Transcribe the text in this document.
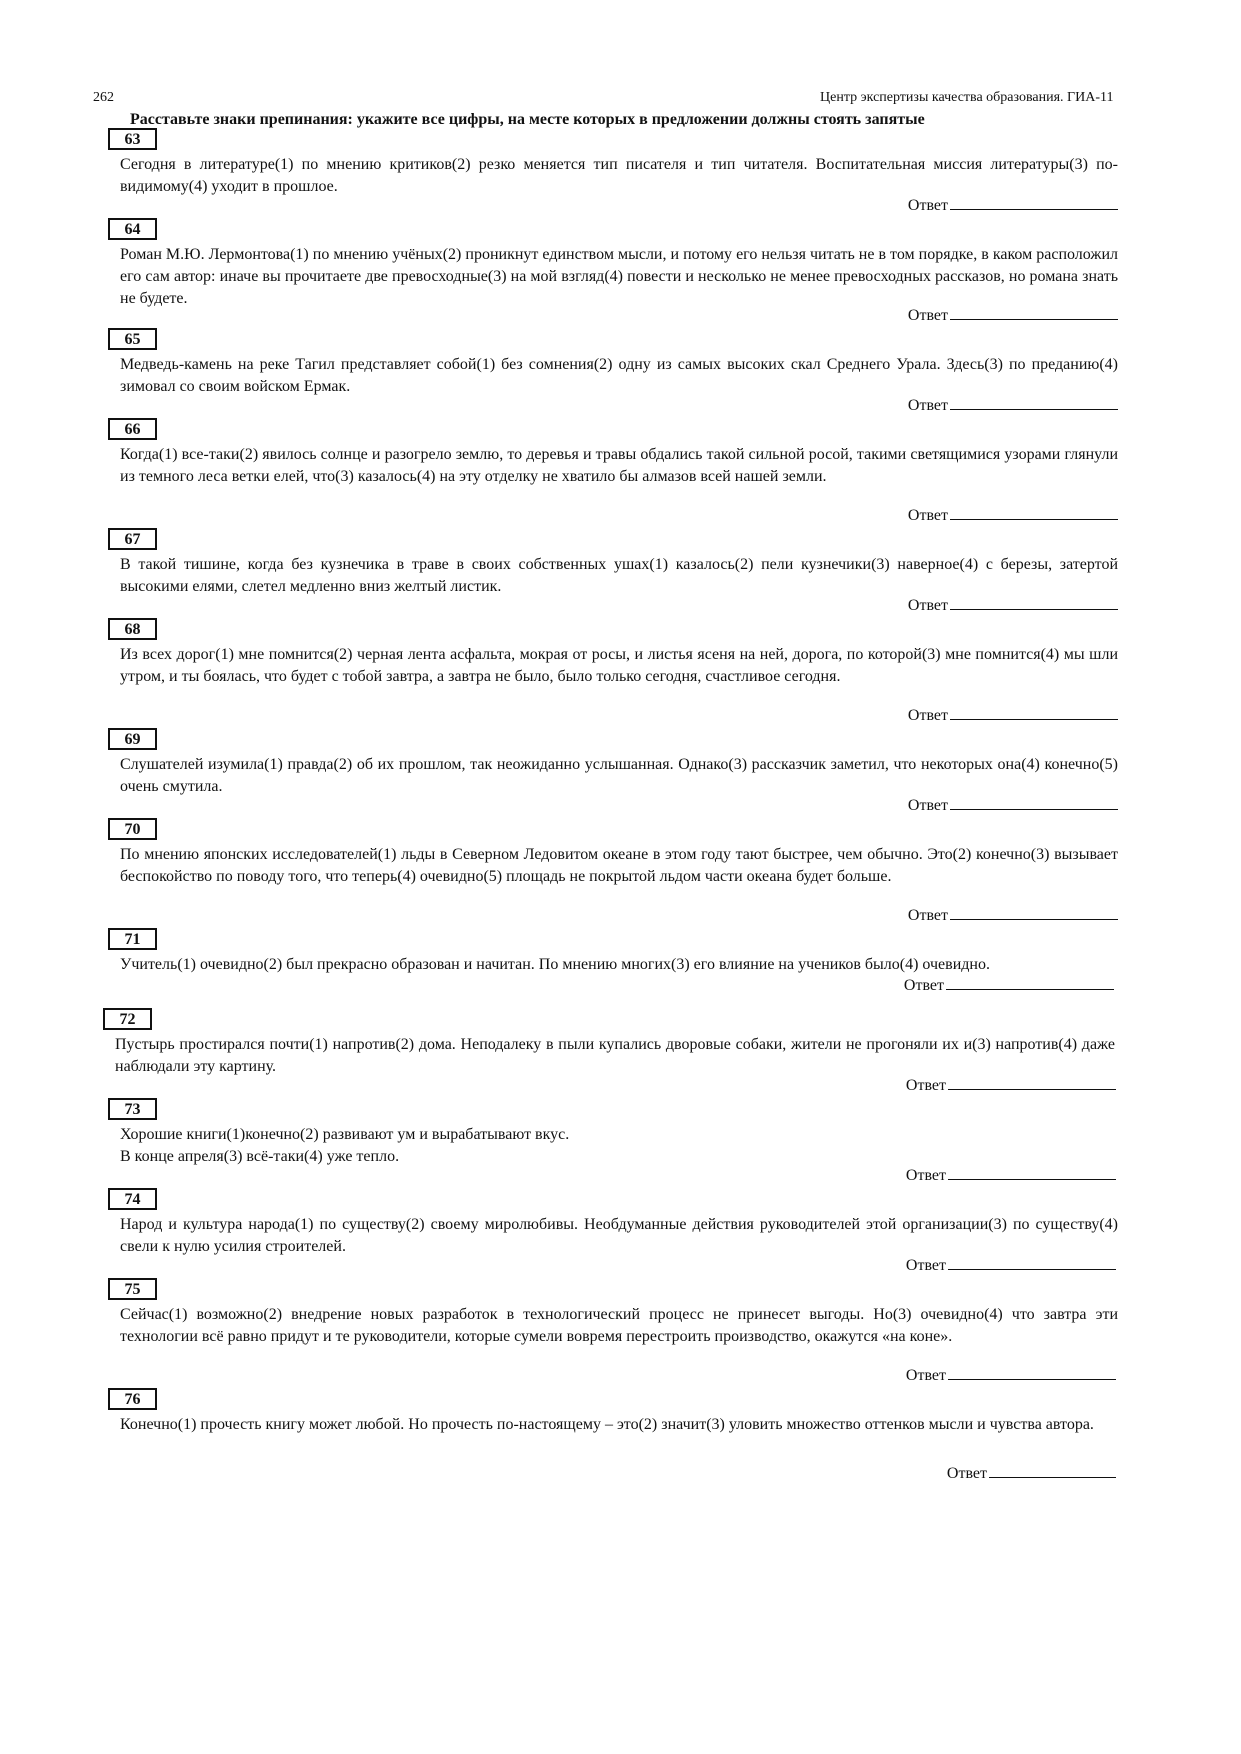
262	Центр экспертизы качества образования. ГИА-11
Расставьте знаки препинания: укажите все цифры, на месте которых в предложении должны стоять запятые
63
Сегодня в литературе(1) по мнению критиков(2) резко меняется тип писателя и тип читателя. Воспитательная миссия литературы(3) по-видимому(4) уходит в прошлое.
Ответ
64
Роман М.Ю. Лермонтова(1) по мнению учёных(2) проникнут единством мысли, и потому его нельзя читать не в том порядке, в каком расположил его сам автор: иначе вы прочитаете две превосходные(3) на мой взгляд(4) повести и несколько не менее превосходных рассказов, но романа знать не будете.
Ответ
65
Медведь-камень на реке Тагил представляет собой(1) без сомнения(2) одну из самых высоких скал Среднего Урала. Здесь(3) по преданию(4) зимовал со своим войском Ермак.
Ответ
66
Когда(1) все-таки(2) явилось солнце и разогрело землю, то деревья и травы обдались такой сильной росой, такими светящимися узорами глянули из темного леса ветки елей, что(3) казалось(4) на эту отделку не хватило бы алмазов всей нашей земли.
Ответ
67
В такой тишине, когда без кузнечика в траве в своих собственных ушах(1) казалось(2) пели кузнечики(3) наверное(4) с березы, затертой высокими елями, слетел медленно вниз желтый листик.
Ответ
68
Из всех дорог(1) мне помнится(2) черная лента асфальта, мокрая от росы, и листья ясеня на ней, дорога, по которой(3) мне помнится(4) мы шли утром, и ты боялась, что будет с тобой завтра, а завтра не было, было только сегодня, счастливое сегодня.
Ответ
69
Слушателей изумила(1) правда(2) об их прошлом, так неожиданно услышанная. Однако(3) рассказчик заметил, что некоторых она(4) конечно(5) очень смутила.
Ответ
70
По мнению японских исследователей(1) льды в Северном Ледовитом океане в этом году тают быстрее, чем обычно. Это(2) конечно(3) вызывает беспокойство по поводу того, что теперь(4) очевидно(5) площадь не покрытой льдом части океана будет больше.
Ответ
71
Учитель(1) очевидно(2) был прекрасно образован и начитан. По мнению многих(3) его влияние на учеников было(4) очевидно.
Ответ
72
Пустырь простирался почти(1) напротив(2) дома. Неподалеку в пыли купались дворовые собаки, жители не прогоняли их и(3) напротив(4) даже наблюдали эту картину.
Ответ
73
Хорошие книги(1)конечно(2) развивают ум и вырабатывают вкус.
В конце апреля(3) всё-таки(4) уже тепло.
Ответ
74
Народ и культура народа(1) по существу(2) своему миролюбивы. Необдуманные действия руководителей этой организации(3) по существу(4) свели к нулю усилия строителей.
Ответ
75
Сейчас(1) возможно(2) внедрение новых разработок в технологический процесс не принесет выгоды. Но(3) очевидно(4) что завтра эти технологии всё равно придут и те руководители, которые сумели вовремя перестроить производство, окажутся «на коне».
Ответ
76
Конечно(1) прочесть книгу может любой. Но прочесть по-настоящему – это(2) значит(3) уловить множество оттенков мысли и чувства автора.
Ответ
